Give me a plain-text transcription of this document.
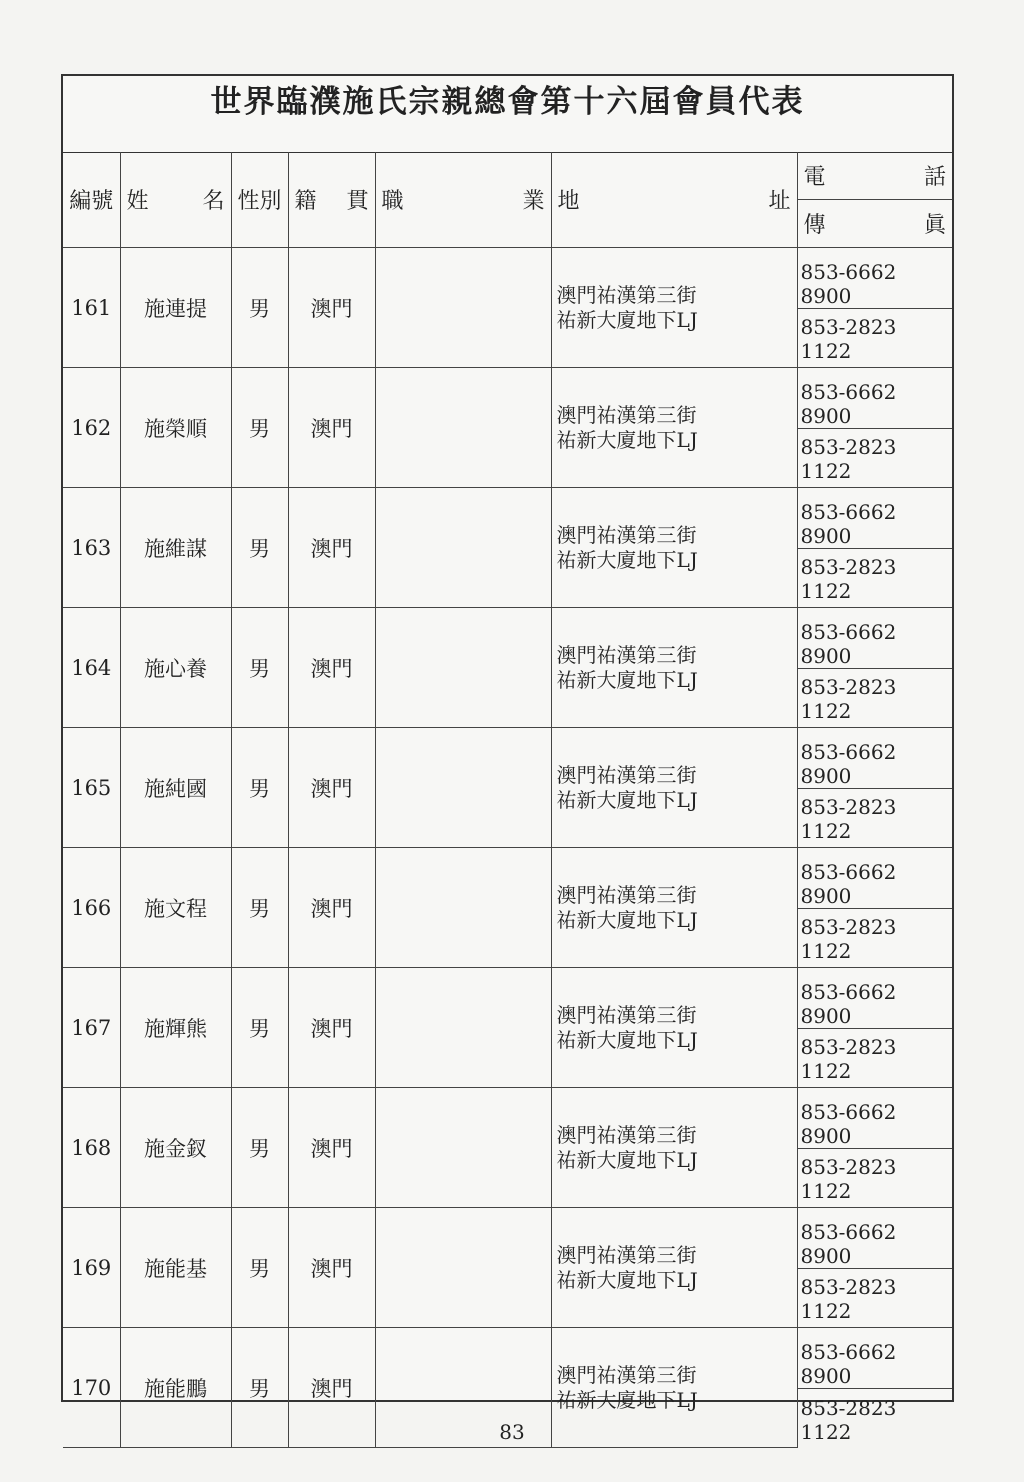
世界臨濮施氏宗親總會第十六屆會員代表
編號	姓 名	性別	籍 貫	職 業	地 址	電 話

						傳 眞

161	施連提	男	澳門		澳門祐漢第三街
祐新大廈地下LJ	853-6662 8900
						853-2823 1122
162	施榮順	男	澳門		澳門祐漢第三街
祐新大廈地下LJ	853-6662 8900
						853-2823 1122
163	施維謀	男	澳門		澳門祐漢第三街
祐新大廈地下LJ	853-6662 8900
						853-2823 1122
164	施心養	男	澳門		澳門祐漢第三街
祐新大廈地下LJ	853-6662 8900
						853-2823 1122
165	施純國	男	澳門		澳門祐漢第三街
祐新大廈地下LJ	853-6662 8900
						853-2823 1122
166	施文程	男	澳門		澳門祐漢第三街
祐新大廈地下LJ	853-6662 8900
						853-2823 1122
167	施輝熊	男	澳門		澳門祐漢第三街
祐新大廈地下LJ	853-6662 8900
						853-2823 1122
168	施金釵	男	澳門		澳門祐漢第三街
祐新大廈地下LJ	853-6662 8900
						853-2823 1122
169	施能基	男	澳門		澳門祐漢第三街
祐新大廈地下LJ	853-6662 8900
						853-2823 1122
170	施能鵬	男	澳門		澳門祐漢第三街
祐新大廈地下LJ	853-6662 8900
						853-2823 1122
83
